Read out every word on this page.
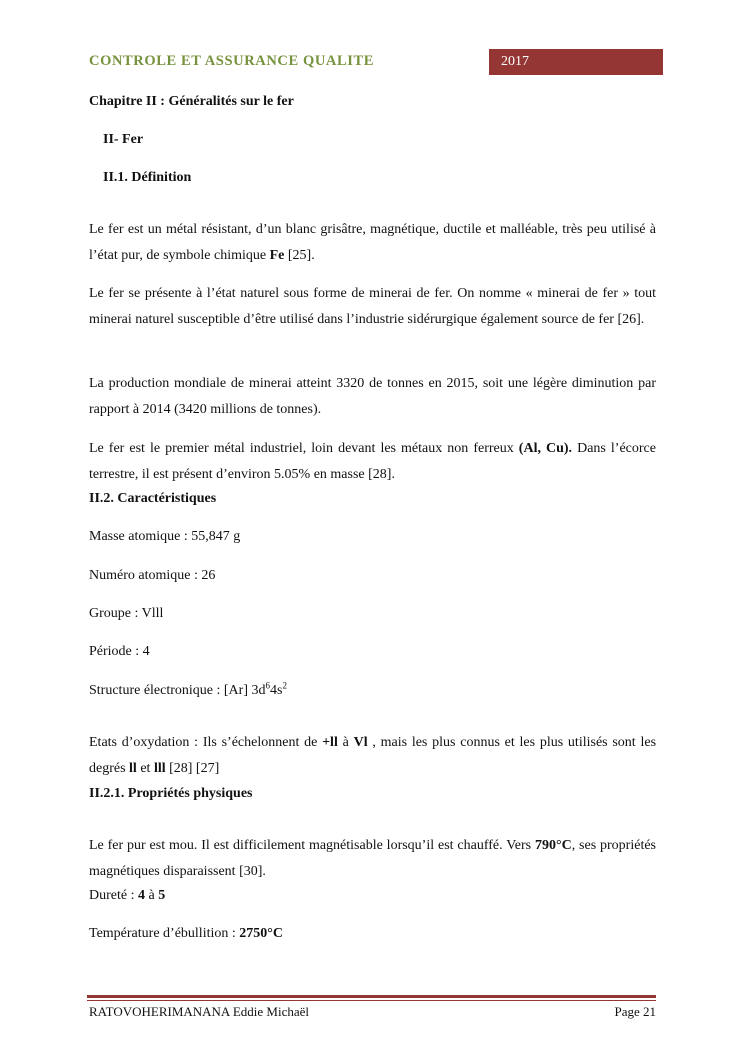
CONTROLE ET ASSURANCE QUALITE	2017
Chapitre II : Généralités sur le fer
II- Fer
II.1. Définition

Le fer est un métal résistant, d’un blanc grisâtre, magnétique, ductile et malléable, très peu utilisé à l’état pur, de symbole chimique Fe [25].

Le fer se présente à l’état naturel sous forme de minerai de fer. On nomme « minerai de fer » tout minerai naturel susceptible d’être utilisé dans l’industrie sidérurgique également source de fer [26].

La production mondiale de minerai atteint 3320 de tonnes en 2015, soit une légère diminution par rapport à 2014 (3420 millions de tonnes).

Le fer est le premier métal industriel, loin devant les métaux non ferreux (Al, Cu). Dans l’écorce terrestre, il est présent d’environ 5.05% en masse [28].

II.2. Caractéristiques
Masse atomique : 55,847 g
Numéro atomique : 26
Groupe : Vlll
Période : 4
Structure électronique : [Ar] $3d^64s^2$

Etats d’oxydation : Ils s’échelonnent de +ll à Vl , mais les plus connus et les plus utilisés sont les degrés ll et lll [28] [27]

II.2.1. Propriétés physiques

Le fer pur est mou. Il est difficilement magnétisable lorsqu’il est chauffé. Vers 790°C, ses propriétés magnétiques disparaissent [30].

Dureté : 4 à 5
Température d’ébullition : 2750°C
RATOVOHERIMANANA Eddie Michaël	Page 21
